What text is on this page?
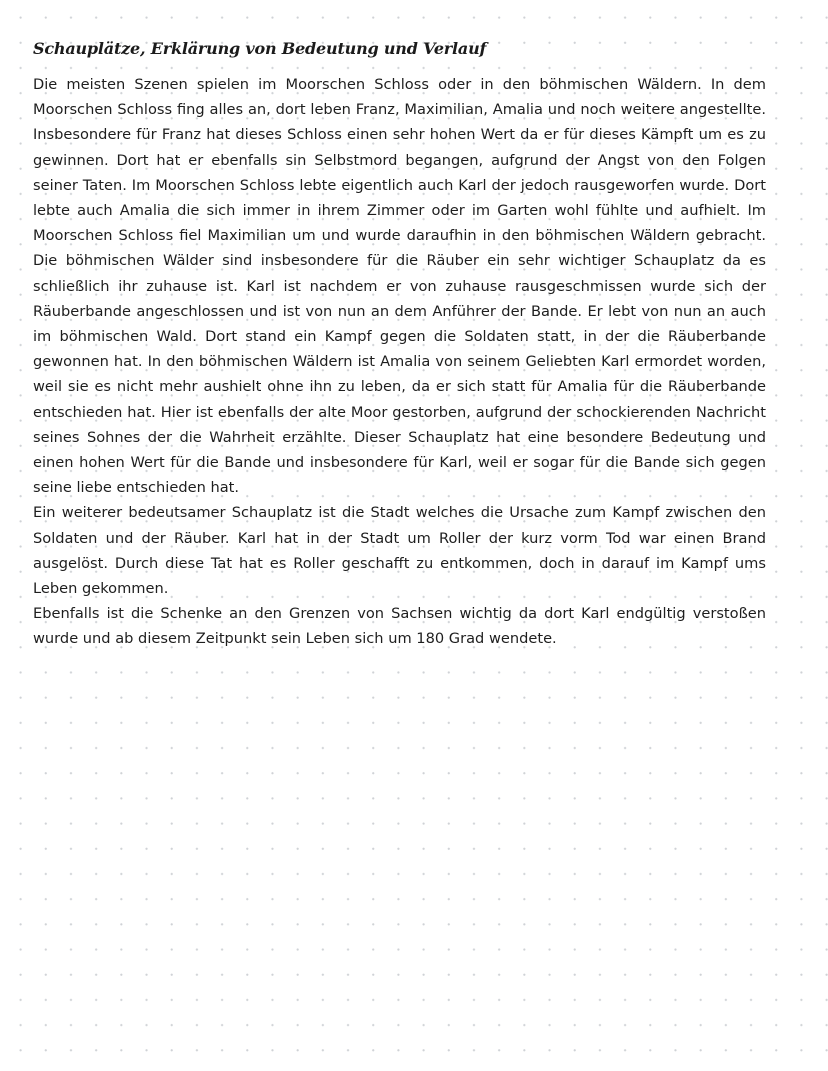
Schauplätze, Erklärung von Bedeutung und Verlauf

Die meisten Szenen spielen im Moorschen Schloss oder in den böhmischen Wäldern. In dem Moorschen Schloss fing alles an, dort leben Franz, Maximilian, Amalia und noch weitere angestellte. Insbesondere für Franz hat dieses Schloss einen sehr hohen Wert da er für dieses Kämpft um es zu gewinnen. Dort hat er ebenfalls sin Selbstmord begangen, aufgrund der Angst von den Folgen seiner Taten. Im Moorschen Schloss lebte eigentlich auch Karl der jedoch rausgeworfen wurde. Dort lebte auch Amalia die sich immer in ihrem Zimmer oder im Garten wohl fühlte und aufhielt. Im Moorschen Schloss fiel Maximilian um und wurde daraufhin in den böhmischen Wäldern gebracht. Die böhmischen Wälder sind insbesondere für die Räuber ein sehr wichtiger Schauplatz da es schließlich ihr zuhause ist. Karl ist nachdem er von zuhause rausgeschmissen wurde sich der Räuberbande angeschlossen und ist von nun an dem Anführer der Bande. Er lebt von nun an auch im böhmischen Wald. Dort stand ein Kampf gegen die Soldaten statt, in der die Räuberbande gewonnen hat. In den böhmischen Wäldern ist Amalia von seinem Geliebten Karl ermordet worden, weil sie es nicht mehr aushielt ohne ihn zu leben, da er sich statt für Amalia für die Räuberbande entschieden hat. Hier ist ebenfalls der alte Moor gestorben, aufgrund der schockierenden Nachricht seines Sohnes der die Wahrheit erzählte. Dieser Schauplatz hat eine besondere Bedeutung und einen hohen Wert für die Bande und insbesondere für Karl, weil er sogar für die Bande sich gegen seine liebe entschieden hat.

Ein weiterer bedeutsamer Schauplatz ist die Stadt welches die Ursache zum Kampf zwischen den Soldaten und der Räuber. Karl hat in der Stadt um Roller der kurz vorm Tod war einen Brand ausgelöst. Durch diese Tat hat es Roller geschafft zu entkommen, doch in darauf im Kampf ums Leben gekommen.

Ebenfalls ist die Schenke an den Grenzen von Sachsen wichtig da dort Karl endgültig verstoßen wurde und ab diesem Zeitpunkt sein Leben sich um 180 Grad wendete.
